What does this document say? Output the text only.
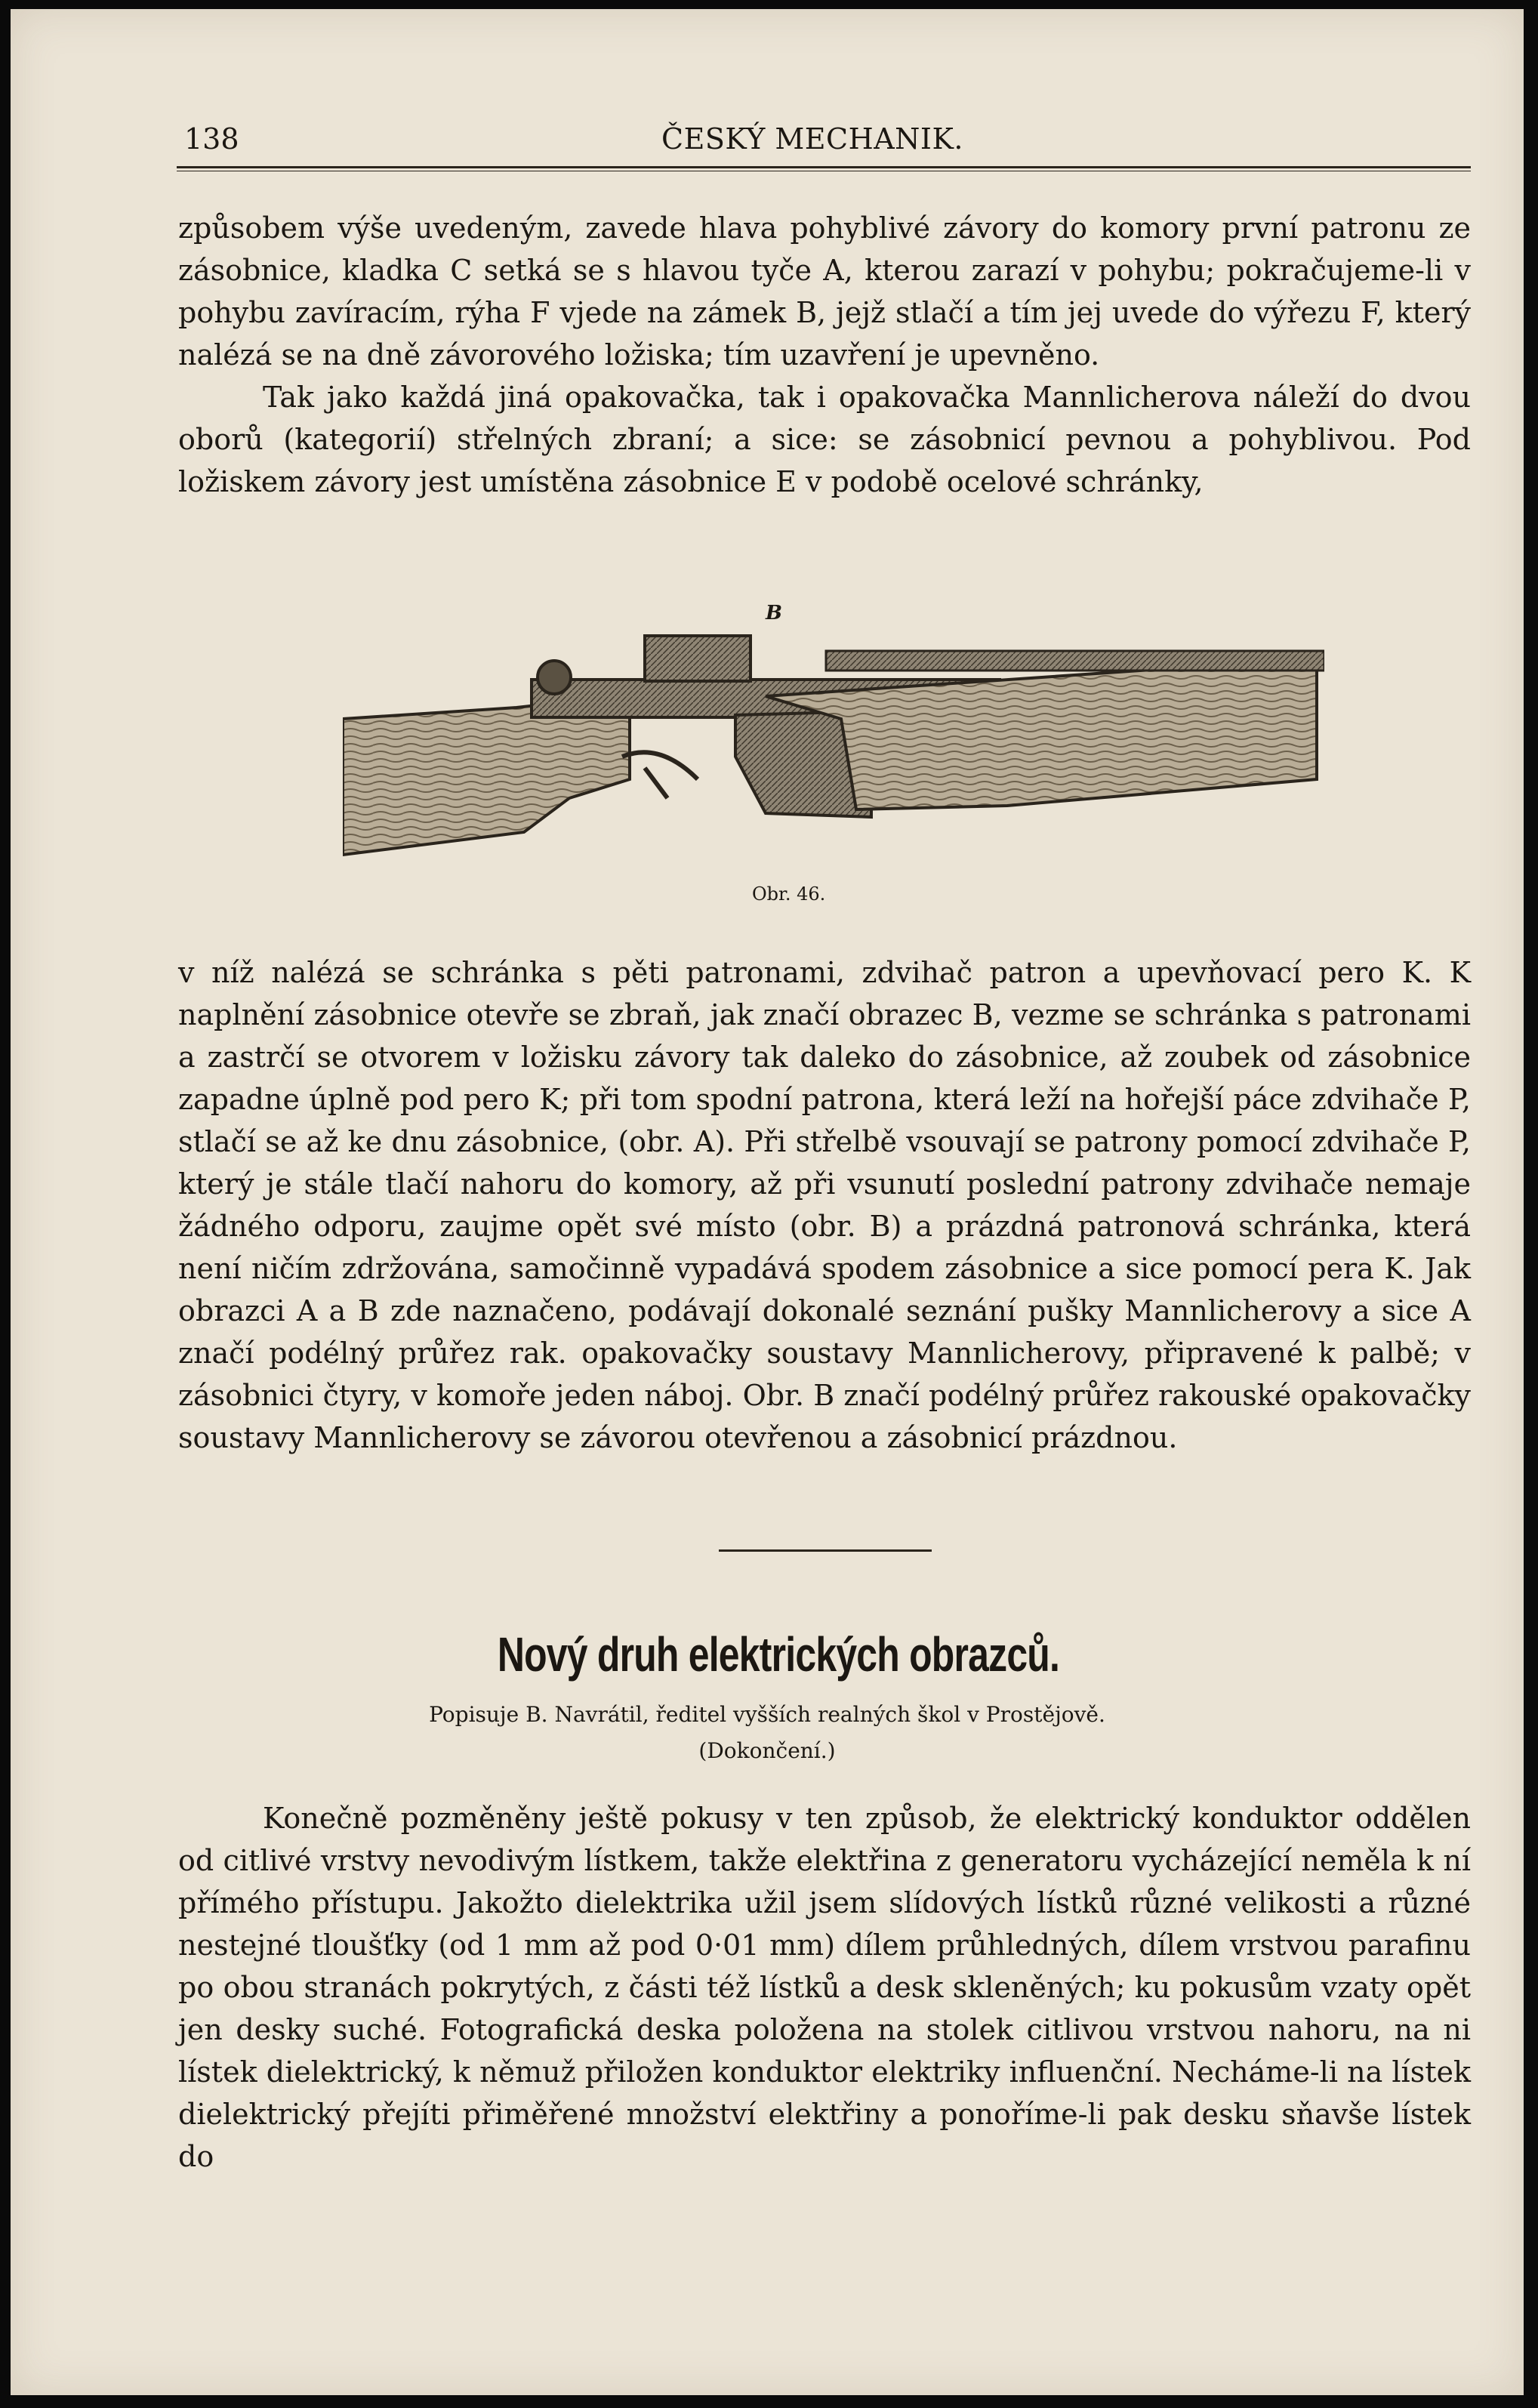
138	ČESKÝ MECHANIK.

způsobem výše uvedeným, zavede hlava pohyblivé závory do komory první patronu ze zásobnice, kladka C setká se s hlavou tyče A, kterou zarazí v pohybu; pokračujeme-li v pohybu zavíracím, rýha F vjede na zámek B, jejž stlačí a tím jej uvede do výřezu F, který nalézá se na dně závorového ložiska; tím uzavření je upevněno.

Tak jako každá jiná opakovačka, tak i opakovačka Mannlicherova náleží do dvou oborů (kategorií) střelných zbraní; a sice: se zásobnicí pevnou a pohyblivou. Pod ložiskem závory jest umístěna zásobnice E v podobě ocelové schránky,

B
Obr. 46.

v níž nalézá se schránka s pěti patronami, zdvihač patron a upevňovací pero K. K naplnění zásobnice otevře se zbraň, jak značí obrazec B, vezme se schránka s patronami a zastrčí se otvorem v ložisku závory tak daleko do zásobnice, až zoubek od zásobnice zapadne úplně pod pero K; při tom spodní patrona, která leží na hořejší páce zdvihače P, stlačí se až ke dnu zásobnice, (obr. A). Při střelbě vsouvají se patrony pomocí zdvihače P, který je stále tlačí nahoru do komory, až při vsunutí poslední patrony zdvihače nemaje žádného odporu, zaujme opět své místo (obr. B) a prázdná patronová schránka, která není ničím zdržována, samočinně vypadává spodem zásobnice a sice pomocí pera K. Jak obrazci A a B zde naznačeno, podávají dokonalé seznání pušky Mannlicherovy a sice A značí podélný průřez rak. opakovačky soustavy Mannlicherovy, připravené k palbě; v zásobnici čtyry, v komoře jeden náboj. Obr. B značí podélný průřez rakouské opakovačky soustavy Mannlicherovy se závorou otevřenou a zásobnicí prázdnou.

Nový druh elektrických obrazců.
Popisuje B. Navrátil, ředitel vyšších realných škol v Prostějově.
(Dokončení.)

Konečně pozměněny ještě pokusy v ten způsob, že elektrický konduktor oddělen od citlivé vrstvy nevodivým lístkem, takže elektřina z generatoru vycházející neměla k ní přímého přístupu. Jakožto dielektrika užil jsem slídových lístků různé velikosti a různé nestejné tloušťky (od 1 mm až pod 0·01 mm) dílem průhledných, dílem vrstvou parafinu po obou stranách pokrytých, z části též lístků a desk skleněných; ku pokusům vzaty opět jen desky suché. Fotografická deska položena na stolek citlivou vrstvou nahoru, na ni lístek dielektrický, k němuž přiložen konduktor elektriky influenční. Necháme-li na lístek dielektrický přejíti přiměřené množství elektřiny a ponoříme-li pak desku sňavše lístek do
